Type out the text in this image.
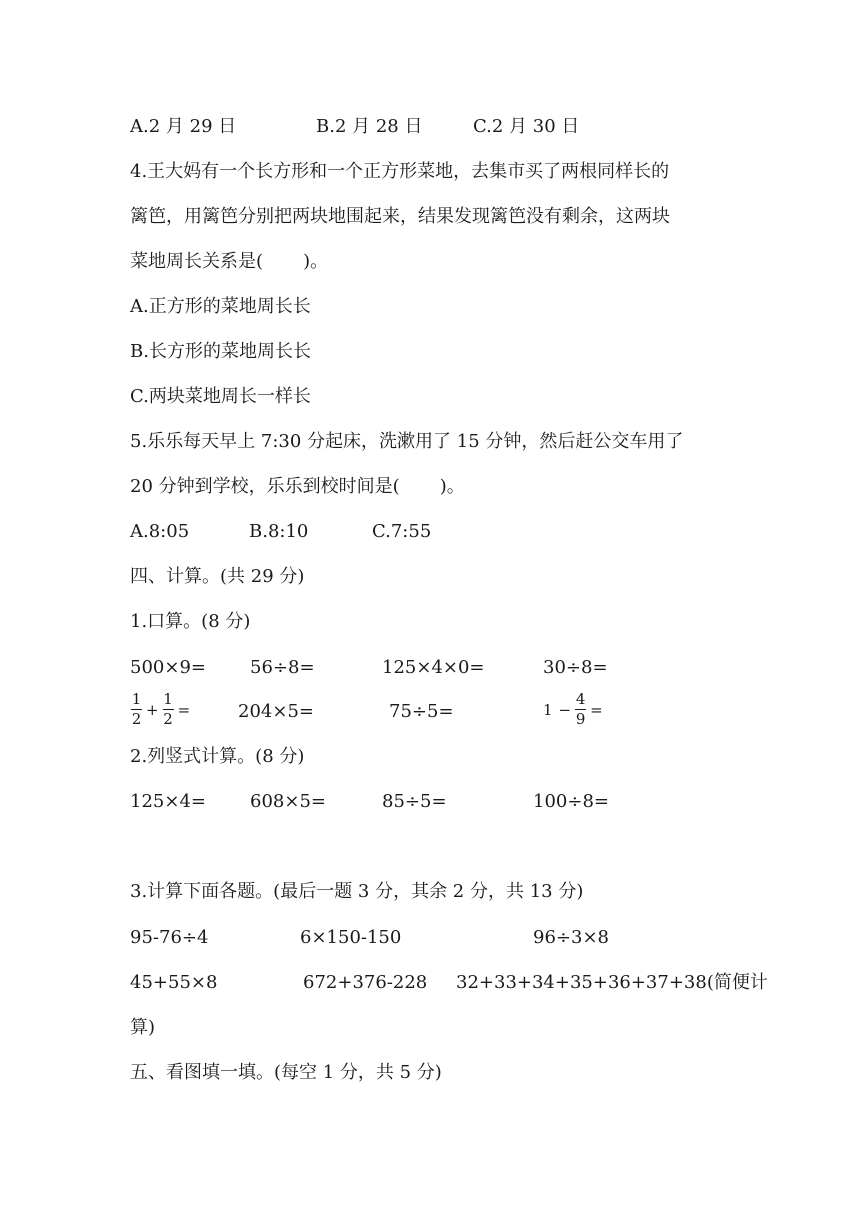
A.2 月 29 日	B.2 月 28 日	C.2 月 30 日
4.王大妈有一个长方形和一个正方形菜地，去集市买了两根同样长的
篱笆，用篱笆分别把两块地围起来，结果发现篱笆没有剩余，这两块
菜地周长关系是(       )。
A.正方形的菜地周长长
B.长方形的菜地周长长
C.两块菜地周长一样长
5.乐乐每天早上 7:30 分起床，洗漱用了 15 分钟，然后赶公交车用了
20 分钟到学校，乐乐到校时间是(       )。
A.8:05	B.8:10	C.7:55
四、计算。(共 29 分)
1.口算。(8 分)
500×9= 56÷8=	125×4×0=	30÷8=
1
2
+
1
2
=	204×5=	75÷5=	1 −
4
9
=
2.列竖式计算。(8 分)
125×4= 608×5=	85÷5=	100÷8=
3.计算下面各题。(最后一题 3 分，其余 2 分，共 13 分)
95-76÷4	6×150-150	96÷3×8
45+55×8	672+376-228 32+33+34+35+36+37+38(简便计
算)
五、看图填一填。(每空 1 分，共 5 分)
